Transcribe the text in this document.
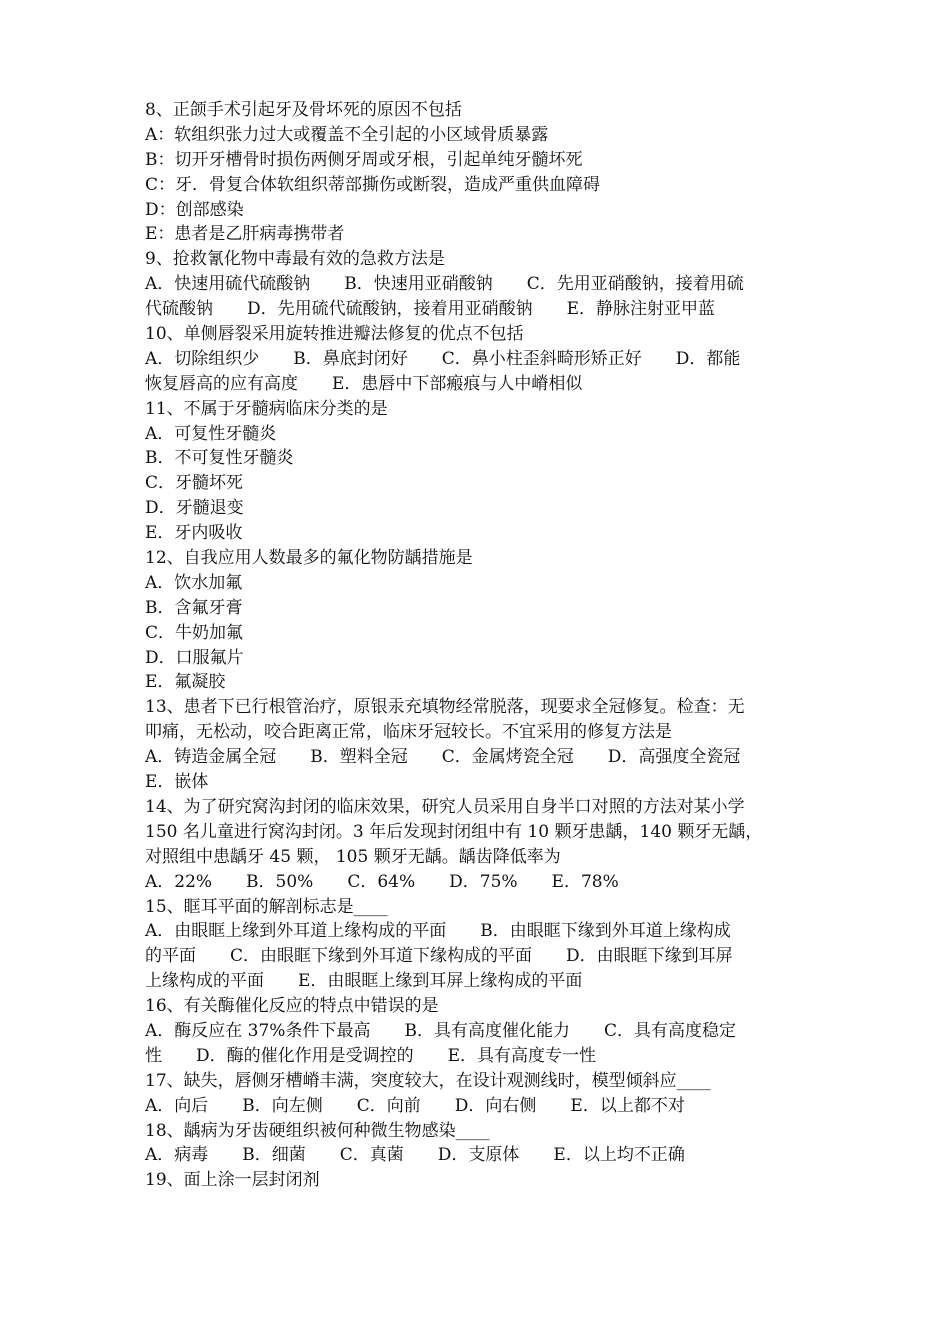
8、正颌手术引起牙及骨坏死的原因不包括
A：软组织张力过大或覆盖不全引起的小区域骨质暴露
B：切开牙槽骨时损伤两侧牙周或牙根，引起单纯牙髓坏死
C：牙．骨复合体软组织蒂部撕伤或断裂，造成严重供血障碍
D：创部感染
E：患者是乙肝病毒携带者
9、抢救氰化物中毒最有效的急救方法是
A．快速用硫代硫酸钠　　B．快速用亚硝酸钠　　C．先用亚硝酸钠，接着用硫
代硫酸钠　　D．先用硫代硫酸钠，接着用亚硝酸钠　　E．静脉注射亚甲蓝
10、单侧唇裂采用旋转推进瓣法修复的优点不包括
A．切除组织少　　B．鼻底封闭好　　C．鼻小柱歪斜畸形矫正好　　D．都能
恢复唇高的应有高度　　E．患唇中下部瘢痕与人中嵴相似
11、不属于牙髓病临床分类的是
A．可复性牙髓炎
B．不可复性牙髓炎
C．牙髓坏死
D．牙髓退变
E．牙内吸收
12、自我应用人数最多的氟化物防龋措施是
A．饮水加氟
B．含氟牙膏
C．牛奶加氟
D．口服氟片
E．氟凝胶
13、患者下已行根管治疗，原银汞充填物经常脱落，现要求全冠修复。检查：无
叩痛，无松动，咬合距离正常，临床牙冠较长。不宜采用的修复方法是
A．铸造金属全冠　　B．塑料全冠　　C．金属烤瓷全冠　　D．高强度全瓷冠
E．嵌体
14、为了研究窝沟封闭的临床效果，研究人员采用自身半口对照的方法对某小学
150 名儿童进行窝沟封闭。3 年后发现封闭组中有 10 颗牙患龋，140 颗牙无龋，
对照组中患龋牙 45 颗， 105 颗牙无龋。龋齿降低率为
A．22%　　B．50%　　C．64%　　D．75%　　E．78%
15、眶耳平面的解剖标志是____
A．由眼眶上缘到外耳道上缘构成的平面　　B．由眼眶下缘到外耳道上缘构成
的平面　　C．由眼眶下缘到外耳道下缘构成的平面　　D．由眼眶下缘到耳屏
上缘构成的平面　　E．由眼眶上缘到耳屏上缘构成的平面
16、有关酶催化反应的特点中错误的是
A．酶反应在 37%条件下最高　　B．具有高度催化能力　　C．具有高度稳定
性　　D．酶的催化作用是受调控的　　E．具有高度专一性
17、缺失，唇侧牙槽嵴丰满，突度较大，在设计观测线时，模型倾斜应____
A．向后　　B．向左侧　　C．向前　　D．向右侧　　E．以上都不对
18、龋病为牙齿硬组织被何种微生物感染____
A．病毒　　B．细菌　　C．真菌　　D．支原体　　E．以上均不正确
19、面上涂一层封闭剂
